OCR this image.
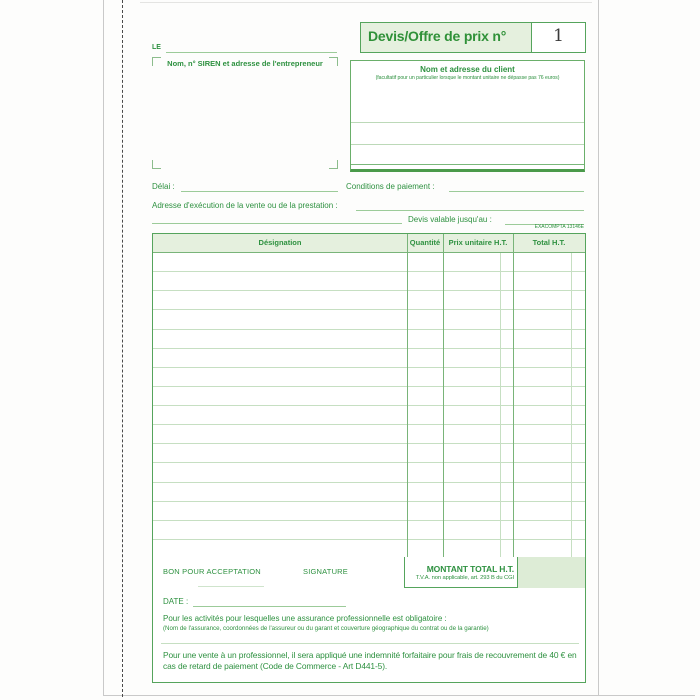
Devis/Offre de prix n°	1
LE
Nom, n° SIREN et adresse de l'entrepreneur
Nom et adresse du client
(facultatif pour un particulier lorsque le montant unitaire ne dépasse pas 76 euros)
Délai :	Conditions de paiement :
Adresse d'exécution de la vente ou de la prestation :
Devis valable jusqu'au :
EXACOMPTA 13146E
Désignation	Quantité	Prix unitaire H.T.	Total H.T.
BON POUR ACCEPTATION	SIGNATURE	MONTANT TOTAL H.T.
T.V.A. non applicable, art. 293 B du CGI
DATE :
Pour les activités pour lesquelles une assurance professionnelle est obligatoire :
(Nom de l'assurance, coordonnées de l'assureur ou du garant et couverture géographique du contrat ou de la garantie)
Pour une vente à un professionnel, il sera appliqué une indemnité forfaitaire pour frais de recouvrement de 40 € en cas de retard de paiement (Code de Commerce - Art D441-5).
